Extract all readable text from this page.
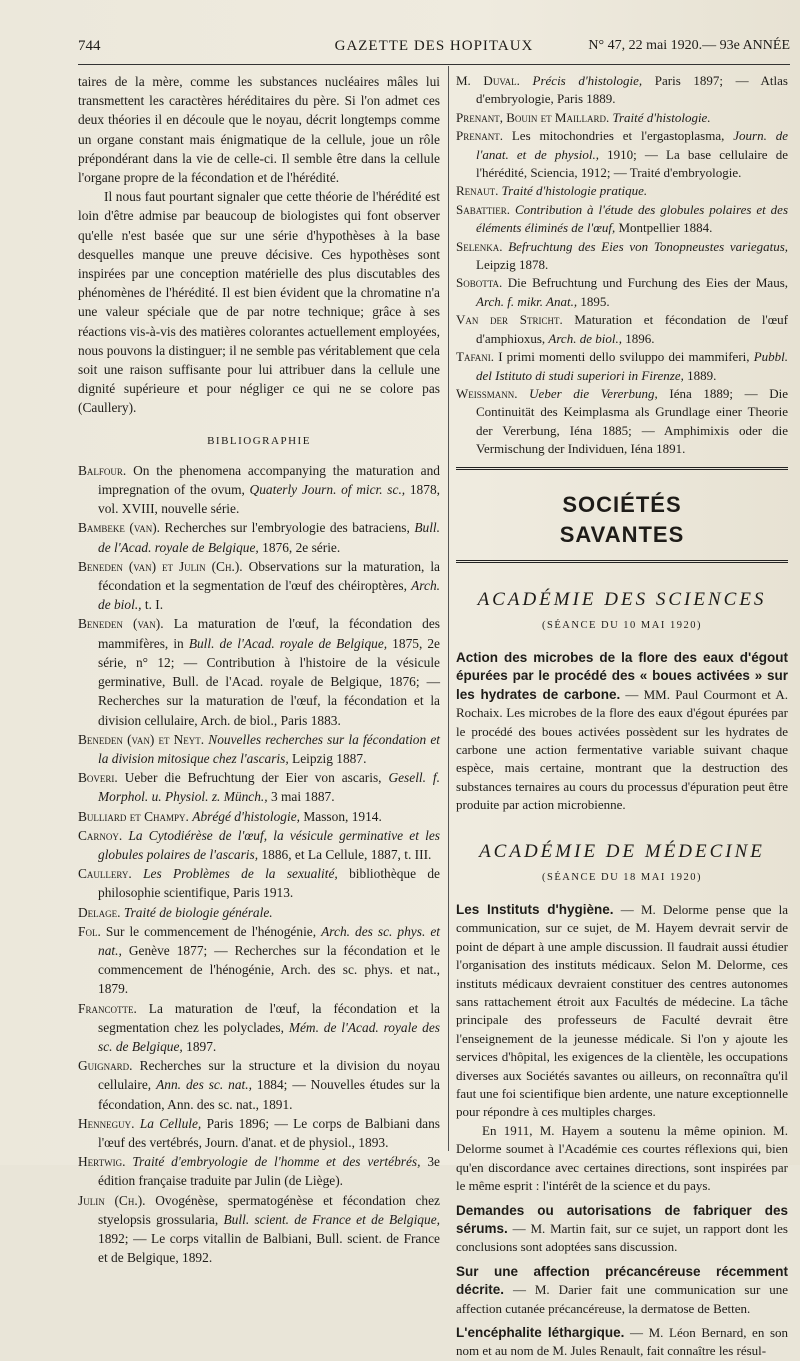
744	GAZETTE DES HOPITAUX	N° 47, 22 mai 1920.— 93e ANNÉE

taires de la mère, comme les substances nucléaires mâles lui transmettent les caractères héréditaires du père. Si l'on admet ces deux théories il en découle que le noyau, décrit longtemps comme un organe constant mais énigmatique de la cellule, joue un rôle prépondérant dans la vie de celle-ci. Il semble être dans la cellule l'organe propre de la fécondation et de l'hérédité.

Il nous faut pourtant signaler que cette théorie de l'hérédité est loin d'être admise par beaucoup de biologistes qui font observer qu'elle n'est basée que sur une série d'hypothèses à la base desquelles manque une preuve décisive. Ces hypothèses sont inspirées par une conception matérielle des plus discutables des phénomènes de l'hérédité. Il est bien évident que la chromatine n'a une valeur spéciale que de par notre technique; grâce à ses réactions vis-à-vis des matières colorantes actuellement employées, nous pouvons la distinguer; il ne semble pas véritablement que cela soit une raison suffisante pour lui attribuer dans la cellule une dignité supérieure et pour négliger ce qui ne se colore pas (Caullery).

BIBLIOGRAPHIE

Balfour. On the phenomena accompanying the maturation and impregnation of the ovum, Quaterly Journ. of micr. sc., 1878, vol. XVIII, nouvelle série.

Bambeke (van). Recherches sur l'embryologie des batraciens, Bull. de l'Acad. royale de Belgique, 1876, 2e série.

Beneden (van) et Julin (Ch.). Observations sur la maturation, la fécondation et la segmentation de l'œuf des chéiroptères, Arch. de biol., t. I.

Beneden (van). La maturation de l'œuf, la fécondation des mammifères, in Bull. de l'Acad. royale de Belgique, 1875, 2e série, n° 12; — Contribution à l'histoire de la vésicule germinative, Bull. de l'Acad. royale de Belgique, 1876; — Recherches sur la maturation de l'œuf, la fécondation et la division cellulaire, Arch. de biol., Paris 1883.

Beneden (van) et Neyt. Nouvelles recherches sur la fécondation et la division mitosique chez l'ascaris, Leipzig 1887.

Boveri. Ueber die Befruchtung der Eier von ascaris, Gesell. f. Morphol. u. Physiol. z. Münch., 3 mai 1887.

Bulliard et Champy. Abrégé d'histologie, Masson, 1914.

Carnoy. La Cytodiérèse de l'œuf, la vésicule germinative et les globules polaires de l'ascaris, 1886, et La Cellule, 1887, t. III.

Caullery. Les Problèmes de la sexualité, bibliothèque de philosophie scientifique, Paris 1913.

Delage. Traité de biologie générale.

Fol. Sur le commencement de l'hénogénie, Arch. des sc. phys. et nat., Genève 1877; — Recherches sur la fécondation et le commencement de l'hénogénie, Arch. des sc. phys. et nat., 1879.

Francotte. La maturation de l'œuf, la fécondation et la segmentation chez les polyclades, Mém. de l'Acad. royale des sc. de Belgique, 1897.

Guignard. Recherches sur la structure et la division du noyau cellulaire, Ann. des sc. nat., 1884; — Nouvelles études sur la fécondation, Ann. des sc. nat., 1891.

Henneguy. La Cellule, Paris 1896; — Le corps de Balbiani dans l'œuf des vertébrés, Journ. d'anat. et de physiol., 1893.

Hertwig. Traité d'embryologie de l'homme et des vertébrés, 3e édition française traduite par Julin (de Liège).

Julin (Ch.). Ovogénèse, spermatogénèse et fécondation chez styelopsis grossularia, Bull. scient. de France et de Belgique, 1892; — Le corps vitallin de Balbiani, Bull. scient. de France et de Belgique, 1892.

M. Duval. Précis d'histologie, Paris 1897; — Atlas d'embryologie, Paris 1889.

Prenant, Bouin et Maillard. Traité d'histologie.

Prenant. Les mitochondries et l'ergastoplasma, Journ. de l'anat. et de physiol., 1910; — La base cellulaire de l'hérédité, Sciencia, 1912; — Traité d'embryologie.

Renaut. Traité d'histologie pratique.

Sabattier. Contribution à l'étude des globules polaires et des éléments éliminés de l'œuf, Montpellier 1884.

Selenka. Befruchtung des Eies von Tonopneustes variegatus, Leipzig 1878.

Sobotta. Die Befruchtung und Furchung des Eies der Maus, Arch. f. mikr. Anat., 1895.

Van der Stricht. Maturation et fécondation de l'œuf d'amphioxus, Arch. de biol., 1896.

Tafani. I primi momenti dello sviluppo dei mammiferi, Pubbl. del Istituto di studi superiori in Firenze, 1889.

Weissmann. Ueber die Vererbung, Iéna 1889; — Die Continuität des Keimplasma als Grundlage einer Theorie der Vererbung, Iéna 1885; — Amphimixis oder die Vermischung der Individuen, Iéna 1891.

SOCIÉTÉS SAVANTES
ACADÉMIE DES SCIENCES
(SÉANCE DU 10 MAI 1920)

Action des microbes de la flore des eaux d'égout épurées par le procédé des « boues activées » sur les hydrates de carbone. — MM. Paul Courmont et A. Rochaix. Les microbes de la flore des eaux d'égout épurées par le procédé des boues activées possèdent sur les hydrates de carbone une action fermentative variable suivant chaque espèce, mais certaine, montrant que la destruction des substances ternaires au cours du processus d'épuration peut être produite par action microbienne.

ACADÉMIE DE MÉDECINE
(SÉANCE DU 18 MAI 1920)

Les Instituts d'hygiène. — M. Delorme pense que la communication, sur ce sujet, de M. Hayem devrait servir de point de départ à une ample discussion. Il faudrait aussi étudier l'organisation des instituts médicaux. Selon M. Delorme, ces instituts médicaux devraient constituer des centres autonomes sans rattachement étroit aux Facultés de médecine. La tâche principale des professeurs de Faculté devrait être l'enseignement de la jeunesse médicale. Si l'on y ajoute les services d'hôpital, les exigences de la clientèle, les occupations diverses aux Sociétés savantes ou ailleurs, on reconnaîtra qu'il faut une foi scientifique bien ardente, une nature exceptionnelle pour répondre à ces multiples charges.

En 1911, M. Hayem a soutenu la même opinion. M. Delorme soumet à l'Académie ces courtes réflexions qui, bien qu'en discordance avec certaines directions, sont inspirées par le même esprit : l'intérêt de la science et du pays.

Demandes ou autorisations de fabriquer des sérums. — M. Martin fait, sur ce sujet, un rapport dont les conclusions sont adoptées sans discussion.

Sur une affection précancéreuse récemment décrite. — M. Darier fait une communication sur une affection cutanée précancéreuse, la dermatose de Betten.

L'encéphalite léthargique. — M. Léon Bernard, en son nom et au nom de M. Jules Renault, fait connaître les résul-
